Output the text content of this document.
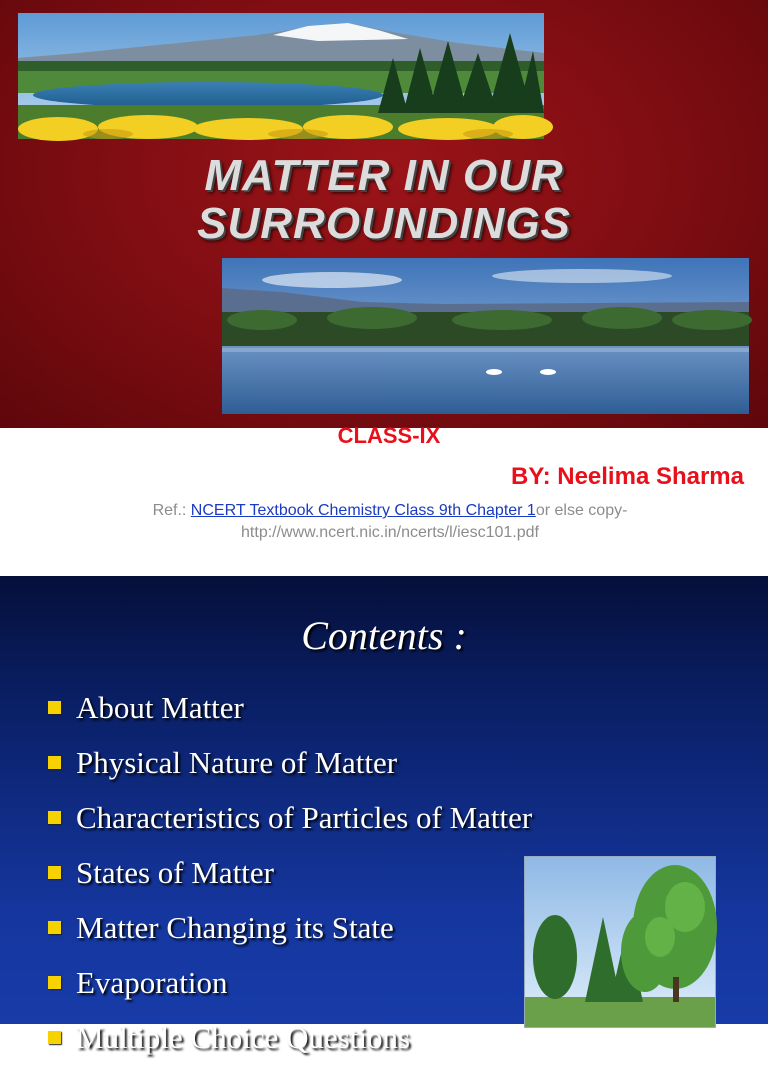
MATTER IN OUR
SURROUNDINGS
CLASS-IX
BY: Neelima Sharma
Ref.: NCERT Textbook Chemistry Class 9th Chapter 1or else copy-
http://www.ncert.nic.in/ncerts/l/iesc101.pdf
Contents :
About Matter
Physical Nature of Matter
Characteristics of Particles of Matter
States of Matter
Matter Changing its State
Evaporation
Multiple Choice Questions
